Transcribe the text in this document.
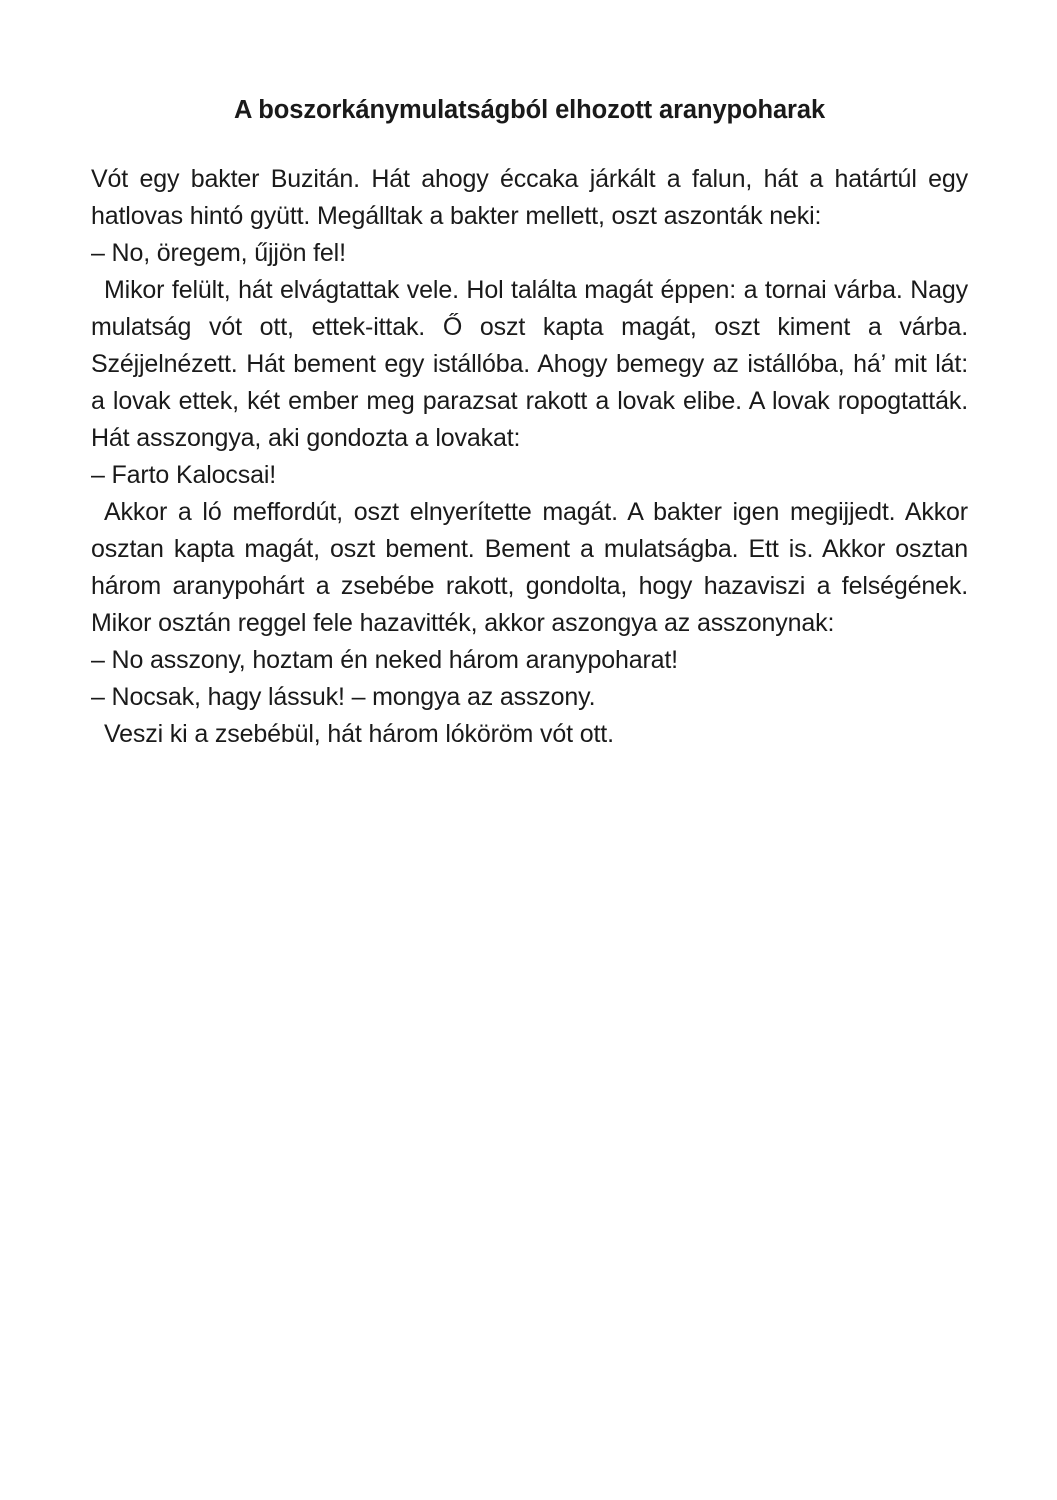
A boszorkánymulatságból elhozott aranypoharak

Vót egy bakter Buzitán. Hát ahogy éccaka járkált a falun, hát a határtúl egy hatlovas hintó gyütt. Megálltak a bakter mellett, oszt aszonták neki:

– No, öregem, űjjön fel!

Mikor felült, hát elvágtattak vele. Hol találta magát éppen: a tornai várba. Nagy mulatság vót ott, ettek-ittak. Ő oszt kapta magát, oszt kiment a várba. Széjjelnézett. Hát bement egy istállóba. Ahogy bemegy az istállóba, há’ mit lát: a lovak ettek, két ember meg parazsat rakott a lovak elibe. A lovak ropogtatták. Hát asszongya, aki gondozta a lovakat:

– Farto Kalocsai!

Akkor a ló meffordút, oszt elnyerítette magát. A bakter igen megijjedt. Akkor osztan kapta magát, oszt bement. Bement a mulatságba. Ett is. Akkor osztan három aranypohárt a zsebébe rakott, gondolta, hogy hazaviszi a felségének. Mikor osztán reggel fele hazavitték, akkor aszongya az asszonynak:

– No asszony, hoztam én neked három aranypoharat!

– Nocsak, hagy lássuk! – mongya az asszony.

Veszi ki a zsebébül, hát három lóköröm vót ott.
